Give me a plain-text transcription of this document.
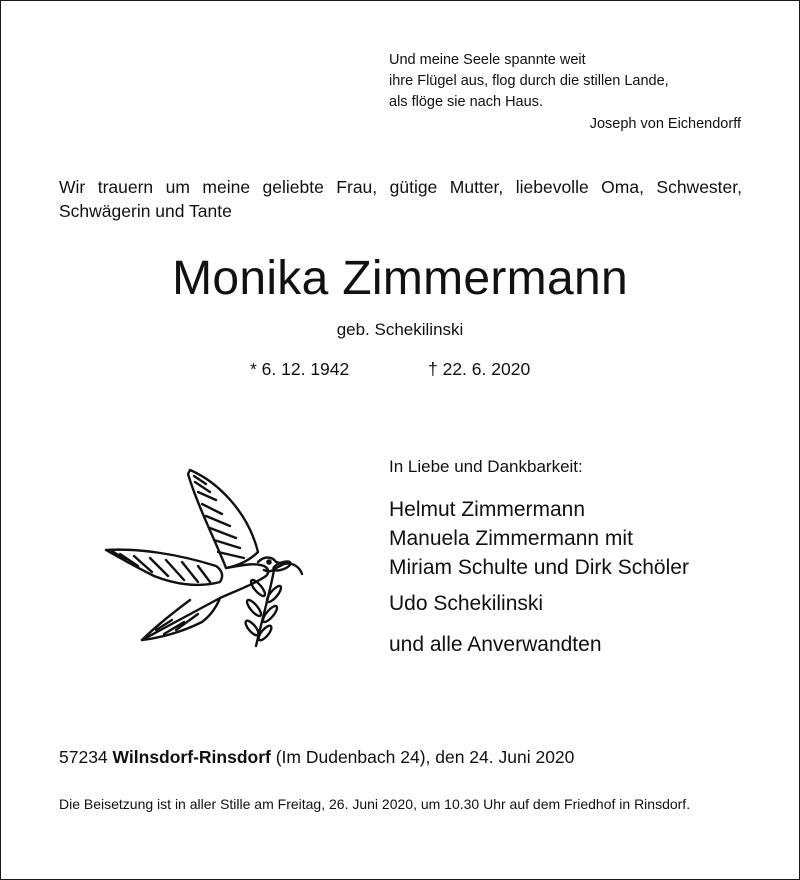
Und meine Seele spannte weit
ihre Flügel aus, flog durch die stillen Lande,
als flöge sie nach Haus.
Joseph von Eichendorff
Wir trauern um meine geliebte Frau, gütige Mutter, liebevolle Oma, Schwester, Schwägerin und Tante
Monika Zimmermann
geb. Schekilinski
* 6. 12. 1942	† 22. 6. 2020
In Liebe und Dankbarkeit:
Helmut Zimmermann
Manuela Zimmermann mit
Miriam Schulte und Dirk Schöler
Udo Schekilinski
und alle Anverwandten
57234 Wilnsdorf-Rinsdorf (Im Dudenbach 24), den 24. Juni 2020
Die Beisetzung ist in aller Stille am Freitag, 26. Juni 2020, um 10.30 Uhr auf dem Friedhof in Rinsdorf.
